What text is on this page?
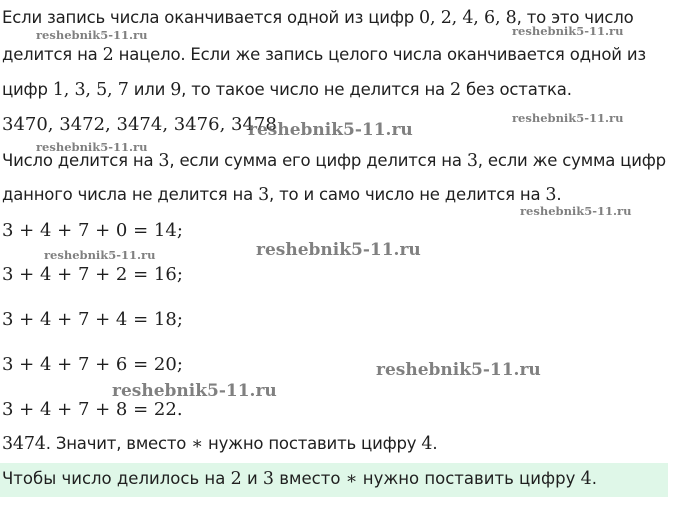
Если запись числа оканчивается одной из цифр 0, 2, 4, 6, 8, то это число
делится на 2 нацело. Если же запись целого числа оканчивается одной из
цифр 1, 3, 5, 7 или 9, то такое число не делится на 2 без остатка.
3470, 3472, 3474, 3476, 3478
Число делится на 3, если сумма его цифр делится на 3, если же сумма цифр
данного числа не делится на 3, то и само число не делится на 3.
3 + 4 + 7 + 0 = 14;
3 + 4 + 7 + 2 = 16;
3 + 4 + 7 + 4 = 18;
3 + 4 + 7 + 6 = 20;
3 + 4 + 7 + 8 = 22.
3474. Значит, вместо ∗ нужно поставить цифру 4.
Чтобы число делилось на 2 и 3 вместо ∗ нужно поставить цифру 4.
reshebnik5-11.ru	reshebnik5-11.ru
reshebnik5-11.ru
reshebnik5-11.ru
reshebnik5-11.ru
reshebnik5-11.ru
reshebnik5-11.ru	reshebnik5-11.ru
reshebnik5-11.ru
reshebnik5-11.ru
